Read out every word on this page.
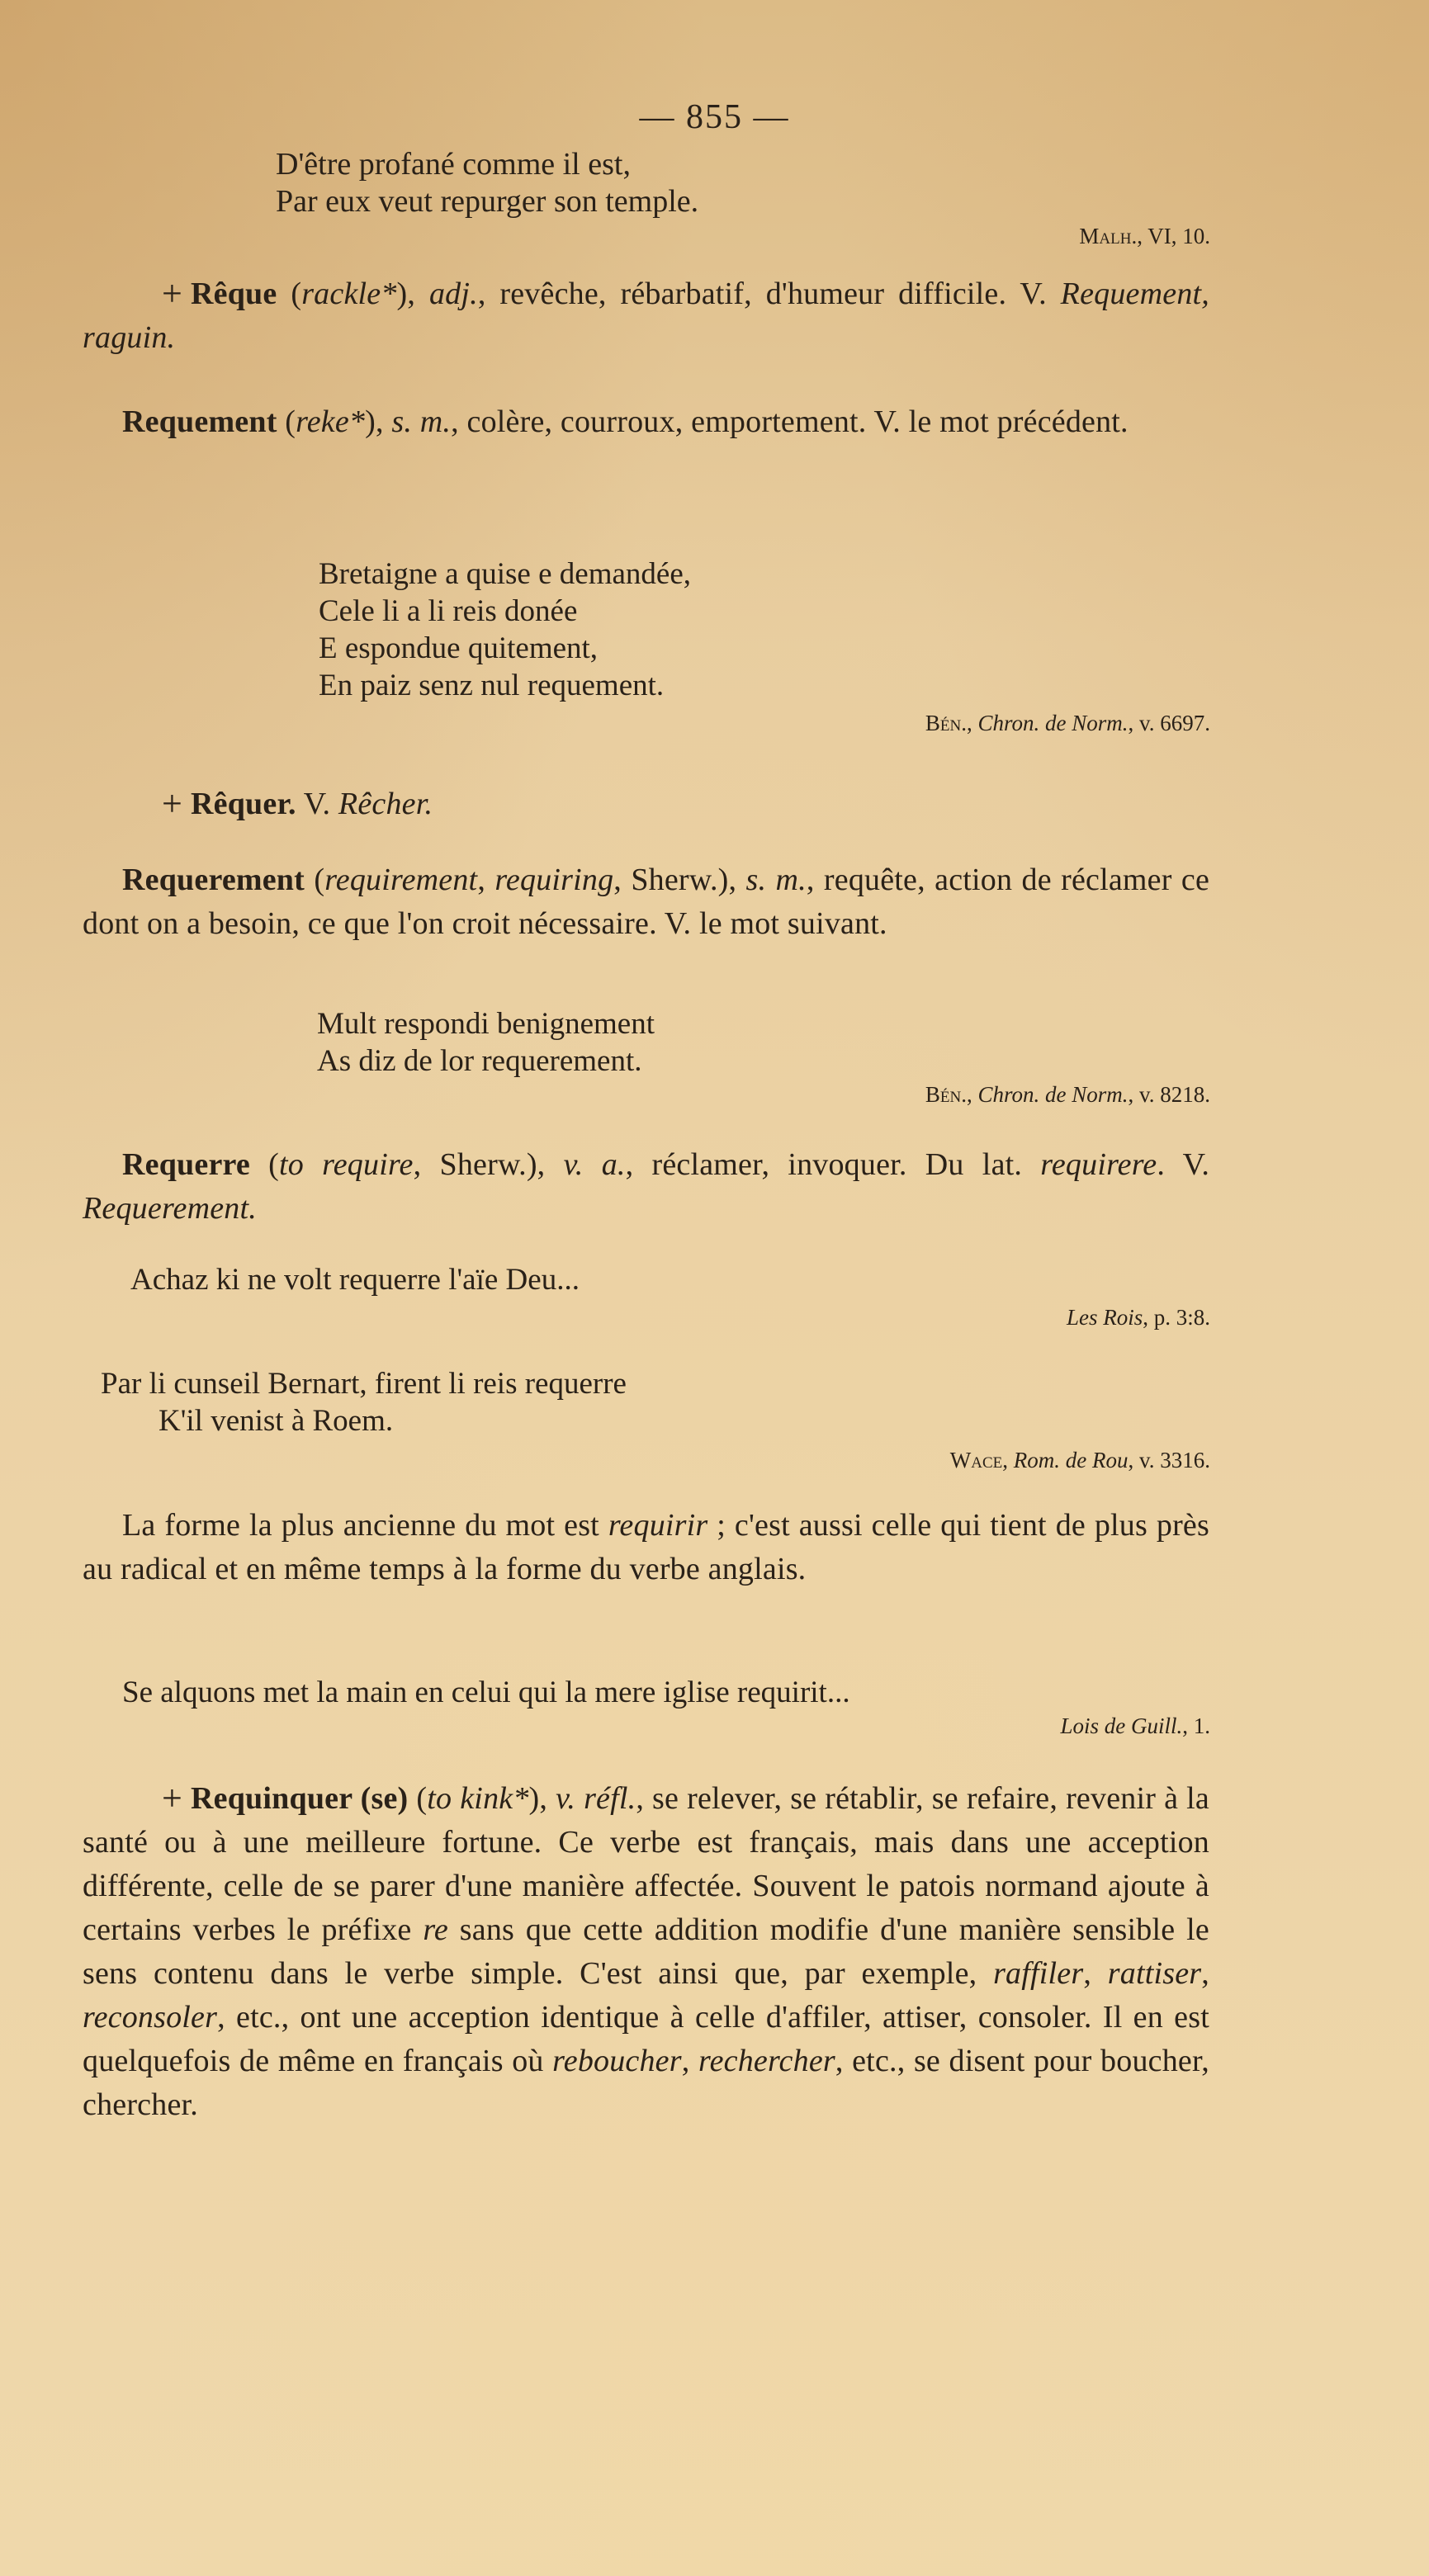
— 855 —
D'être profané comme il est,
Par eux veut repurger son temple.
Malh., VI, 10.
+ Rêque (rackle*), adj., revêche, rébarbatif, d'humeur difficile. V. Requement, raguin.
Requement (reke*), s. m., colère, courroux, emportement. V. le mot précédent.
Bretaigne a quise e demandée,
Cele li a li reis donée
E espondue quitement,
En paiz senz nul requement.
Bén., Chron. de Norm., v. 6697.
+ Rêquer. V. Rêcher.
Requerement (requirement, requiring, Sherw.), s. m., requête, action de réclamer ce dont on a besoin, ce que l'on croit nécessaire. V. le mot suivant.
Mult respondi benignement
As diz de lor requerement.
Bén., Chron. de Norm., v. 8218.
Requerre (to require, Sherw.), v. a., réclamer, invoquer. Du lat. requirere. V. Requerement.
Achaz ki ne volt requerre l'aïe Deu...
Les Rois, p. 3:8.
Par li cunseil Bernart, firent li reis requerre
K'il venist à Roem.
Wace, Rom. de Rou, v. 3316.
La forme la plus ancienne du mot est requirir ; c'est aussi celle qui tient de plus près au radical et en même temps à la forme du verbe anglais.
Se alquons met la main en celui qui la mere iglise requirit...
Lois de Guill., 1.
+ Requinquer (se) (to kink*), v. réfl., se relever, se rétablir, se refaire, revenir à la santé ou à une meilleure fortune. Ce verbe est français, mais dans une acception différente, celle de se parer d'une manière affectée. Souvent le patois normand ajoute à certains verbes le préfixe re sans que cette addition modifie d'une manière sensible le sens contenu dans le verbe simple. C'est ainsi que, par exemple, raffiler, rattiser, reconsoler, etc., ont une acception identique à celle d'affiler, attiser, consoler. Il en est quelquefois de même en français où reboucher, rechercher, etc., se disent pour boucher, chercher.
